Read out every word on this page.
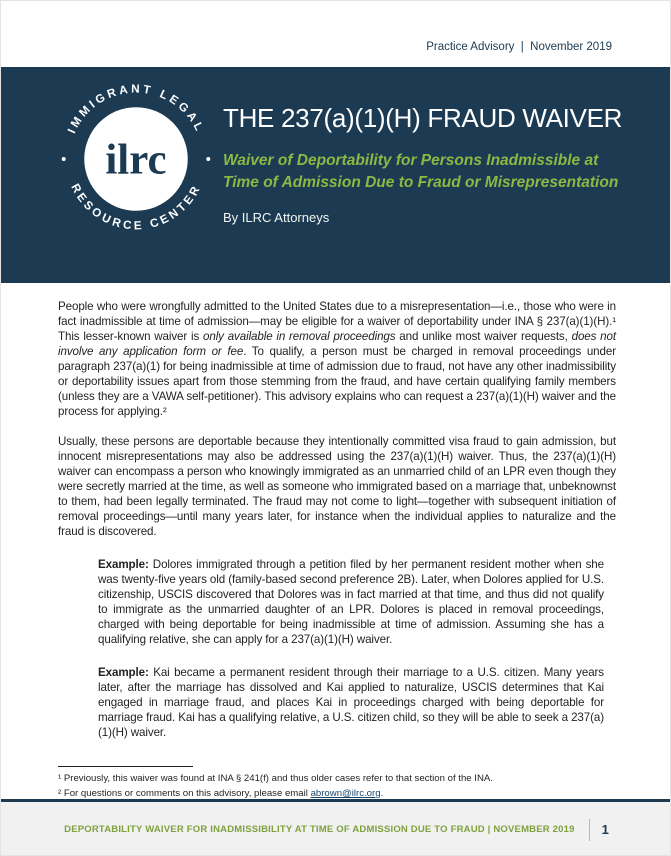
Practice Advisory  |  November 2019
IMMIGRANT LEGAL
RESOURCE CENTER
ilrc
THE 237(a)(1)(H) FRAUD WAIVER
Waiver of Deportability for Persons Inadmissible at Time of Admission Due to Fraud or Misrepresentation
By ILRC Attorneys

People who were wrongfully admitted to the United States due to a misrepresentation—i.e., those who were in fact inadmissible at time of admission—may be eligible for a waiver of deportability under INA § 237(a)(1)(H).¹ This lesser-known waiver is only available in removal proceedings and unlike most waiver requests, does not involve any application form or fee. To qualify, a person must be charged in removal proceedings under paragraph 237(a)(1) for being inadmissible at time of admission due to fraud, not have any other inadmissibility or deportability issues apart from those stemming from the fraud, and have certain qualifying family members (unless they are a VAWA self-petitioner). This advisory explains who can request a 237(a)(1)(H) waiver and the process for applying.²

Usually, these persons are deportable because they intentionally committed visa fraud to gain admission, but innocent misrepresentations may also be addressed using the 237(a)(1)(H) waiver. Thus, the 237(a)(1)(H) waiver can encompass a person who knowingly immigrated as an unmarried child of an LPR even though they were secretly married at the time, as well as someone who immigrated based on a marriage that, unbeknownst to them, had been legally terminated. The fraud may not come to light—together with subsequent initiation of removal proceedings—until many years later, for instance when the individual applies to naturalize and the fraud is discovered.

Example: Dolores immigrated through a petition filed by her permanent resident mother when she was twenty-five years old (family-based second preference 2B). Later, when Dolores applied for U.S. citizenship, USCIS discovered that Dolores was in fact married at that time, and thus did not qualify to immigrate as the unmarried daughter of an LPR. Dolores is placed in removal proceedings, charged with being deportable for being inadmissible at time of admission. Assuming she has a qualifying relative, she can apply for a 237(a)(1)(H) waiver.
Example: Kai became a permanent resident through their marriage to a U.S. citizen. Many years later, after the marriage has dissolved and Kai applied to naturalize, USCIS determines that Kai engaged in marriage fraud, and places Kai in proceedings charged with being deportable for marriage fraud. Kai has a qualifying relative, a U.S. citizen child, so they will be able to seek a 237(a)(1)(H) waiver.
¹ Previously, this waiver was found at INA § 241(f) and thus older cases refer to that section of the INA.
² For questions or comments on this advisory, please email abrown@ilrc.org.
DEPORTABILITY WAIVER FOR INADMISSIBILITY AT TIME OF ADMISSION DUE TO FRAUD | NOVEMBER 2019 1
